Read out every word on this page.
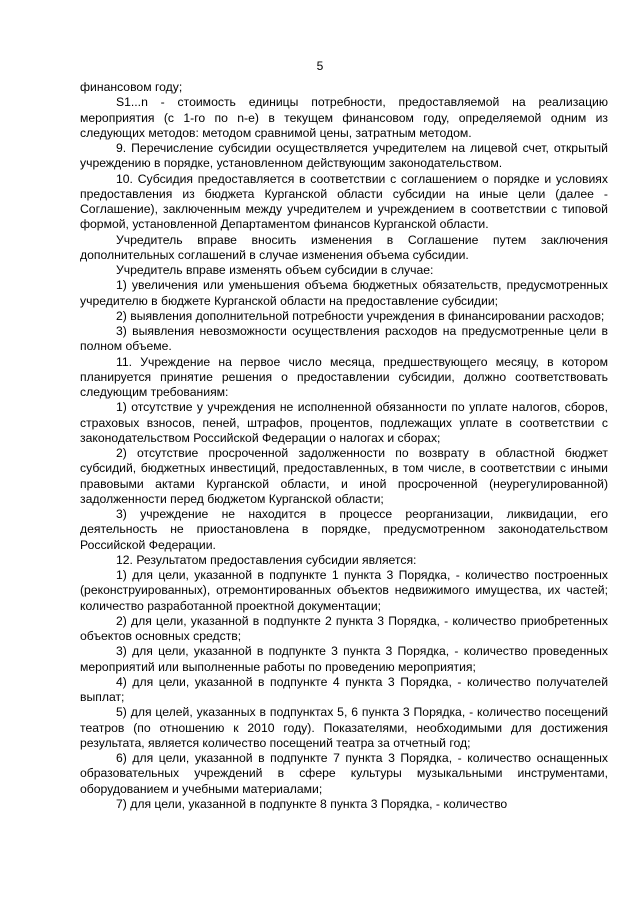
5

финансовом году;

S1...n - стоимость единицы потребности, предоставляемой на реализацию мероприятия (с 1-го по n-е) в текущем финансовом году, определяемой одним из следующих методов: методом сравнимой цены, затратным методом.

9. Перечисление субсидии осуществляется учредителем на лицевой счет, открытый учреждению в порядке, установленном действующим законодательством.

10. Субсидия предоставляется в соответствии с соглашением о порядке и условиях предоставления из бюджета Курганской области субсидии на иные цели (далее - Соглашение), заключенным между учредителем и учреждением в соответствии с типовой формой, установленной Департаментом финансов Курганской области.

Учредитель вправе вносить изменения в Соглашение путем заключения дополнительных соглашений в случае изменения объема субсидии.

Учредитель вправе изменять объем субсидии в случае:

1) увеличения или уменьшения объема бюджетных обязательств, предусмотренных учредителю в бюджете Курганской области на предоставление субсидии;

2) выявления дополнительной потребности учреждения в финансировании расходов;

3) выявления невозможности осуществления расходов на предусмотренные цели в полном объеме.

11. Учреждение на первое число месяца, предшествующего месяцу, в котором планируется принятие решения о предоставлении субсидии, должно соответствовать следующим требованиям:

1) отсутствие у учреждения не исполненной обязанности по уплате налогов, сборов, страховых взносов, пеней, штрафов, процентов, подлежащих уплате в соответствии с законодательством Российской Федерации о налогах и сборах;

2) отсутствие просроченной задолженности по возврату в областной бюджет субсидий, бюджетных инвестиций, предоставленных, в том числе, в соответствии с иными правовыми актами Курганской области, и иной просроченной (неурегулированной) задолженности перед бюджетом Курганской области;

3) учреждение не находится в процессе реорганизации, ликвидации, его деятельность не приостановлена в порядке, предусмотренном законодательством Российской Федерации.

12. Результатом предоставления субсидии является:

1) для цели, указанной в подпункте 1 пункта 3 Порядка, - количество построенных (реконструированных), отремонтированных объектов недвижимого имущества, их частей; количество разработанной проектной документации;

2) для цели, указанной в подпункте 2 пункта 3 Порядка, - количество приобретенных объектов основных средств;

3) для цели, указанной в подпункте 3 пункта 3 Порядка, - количество проведенных мероприятий или выполненные работы по проведению мероприятия;

4) для цели, указанной в подпункте 4 пункта 3 Порядка, - количество получателей выплат;

5) для целей, указанных в подпунктах 5, 6 пункта 3 Порядка, - количество посещений театров (по отношению к 2010 году). Показателями, необходимыми для достижения результата, является количество посещений театра за отчетный год;

6) для цели, указанной в подпункте 7 пункта 3 Порядка, - количество оснащенных образовательных учреждений в сфере культуры музыкальными инструментами, оборудованием и учебными материалами;

7) для цели, указанной в подпункте 8 пункта 3 Порядка, - количество
